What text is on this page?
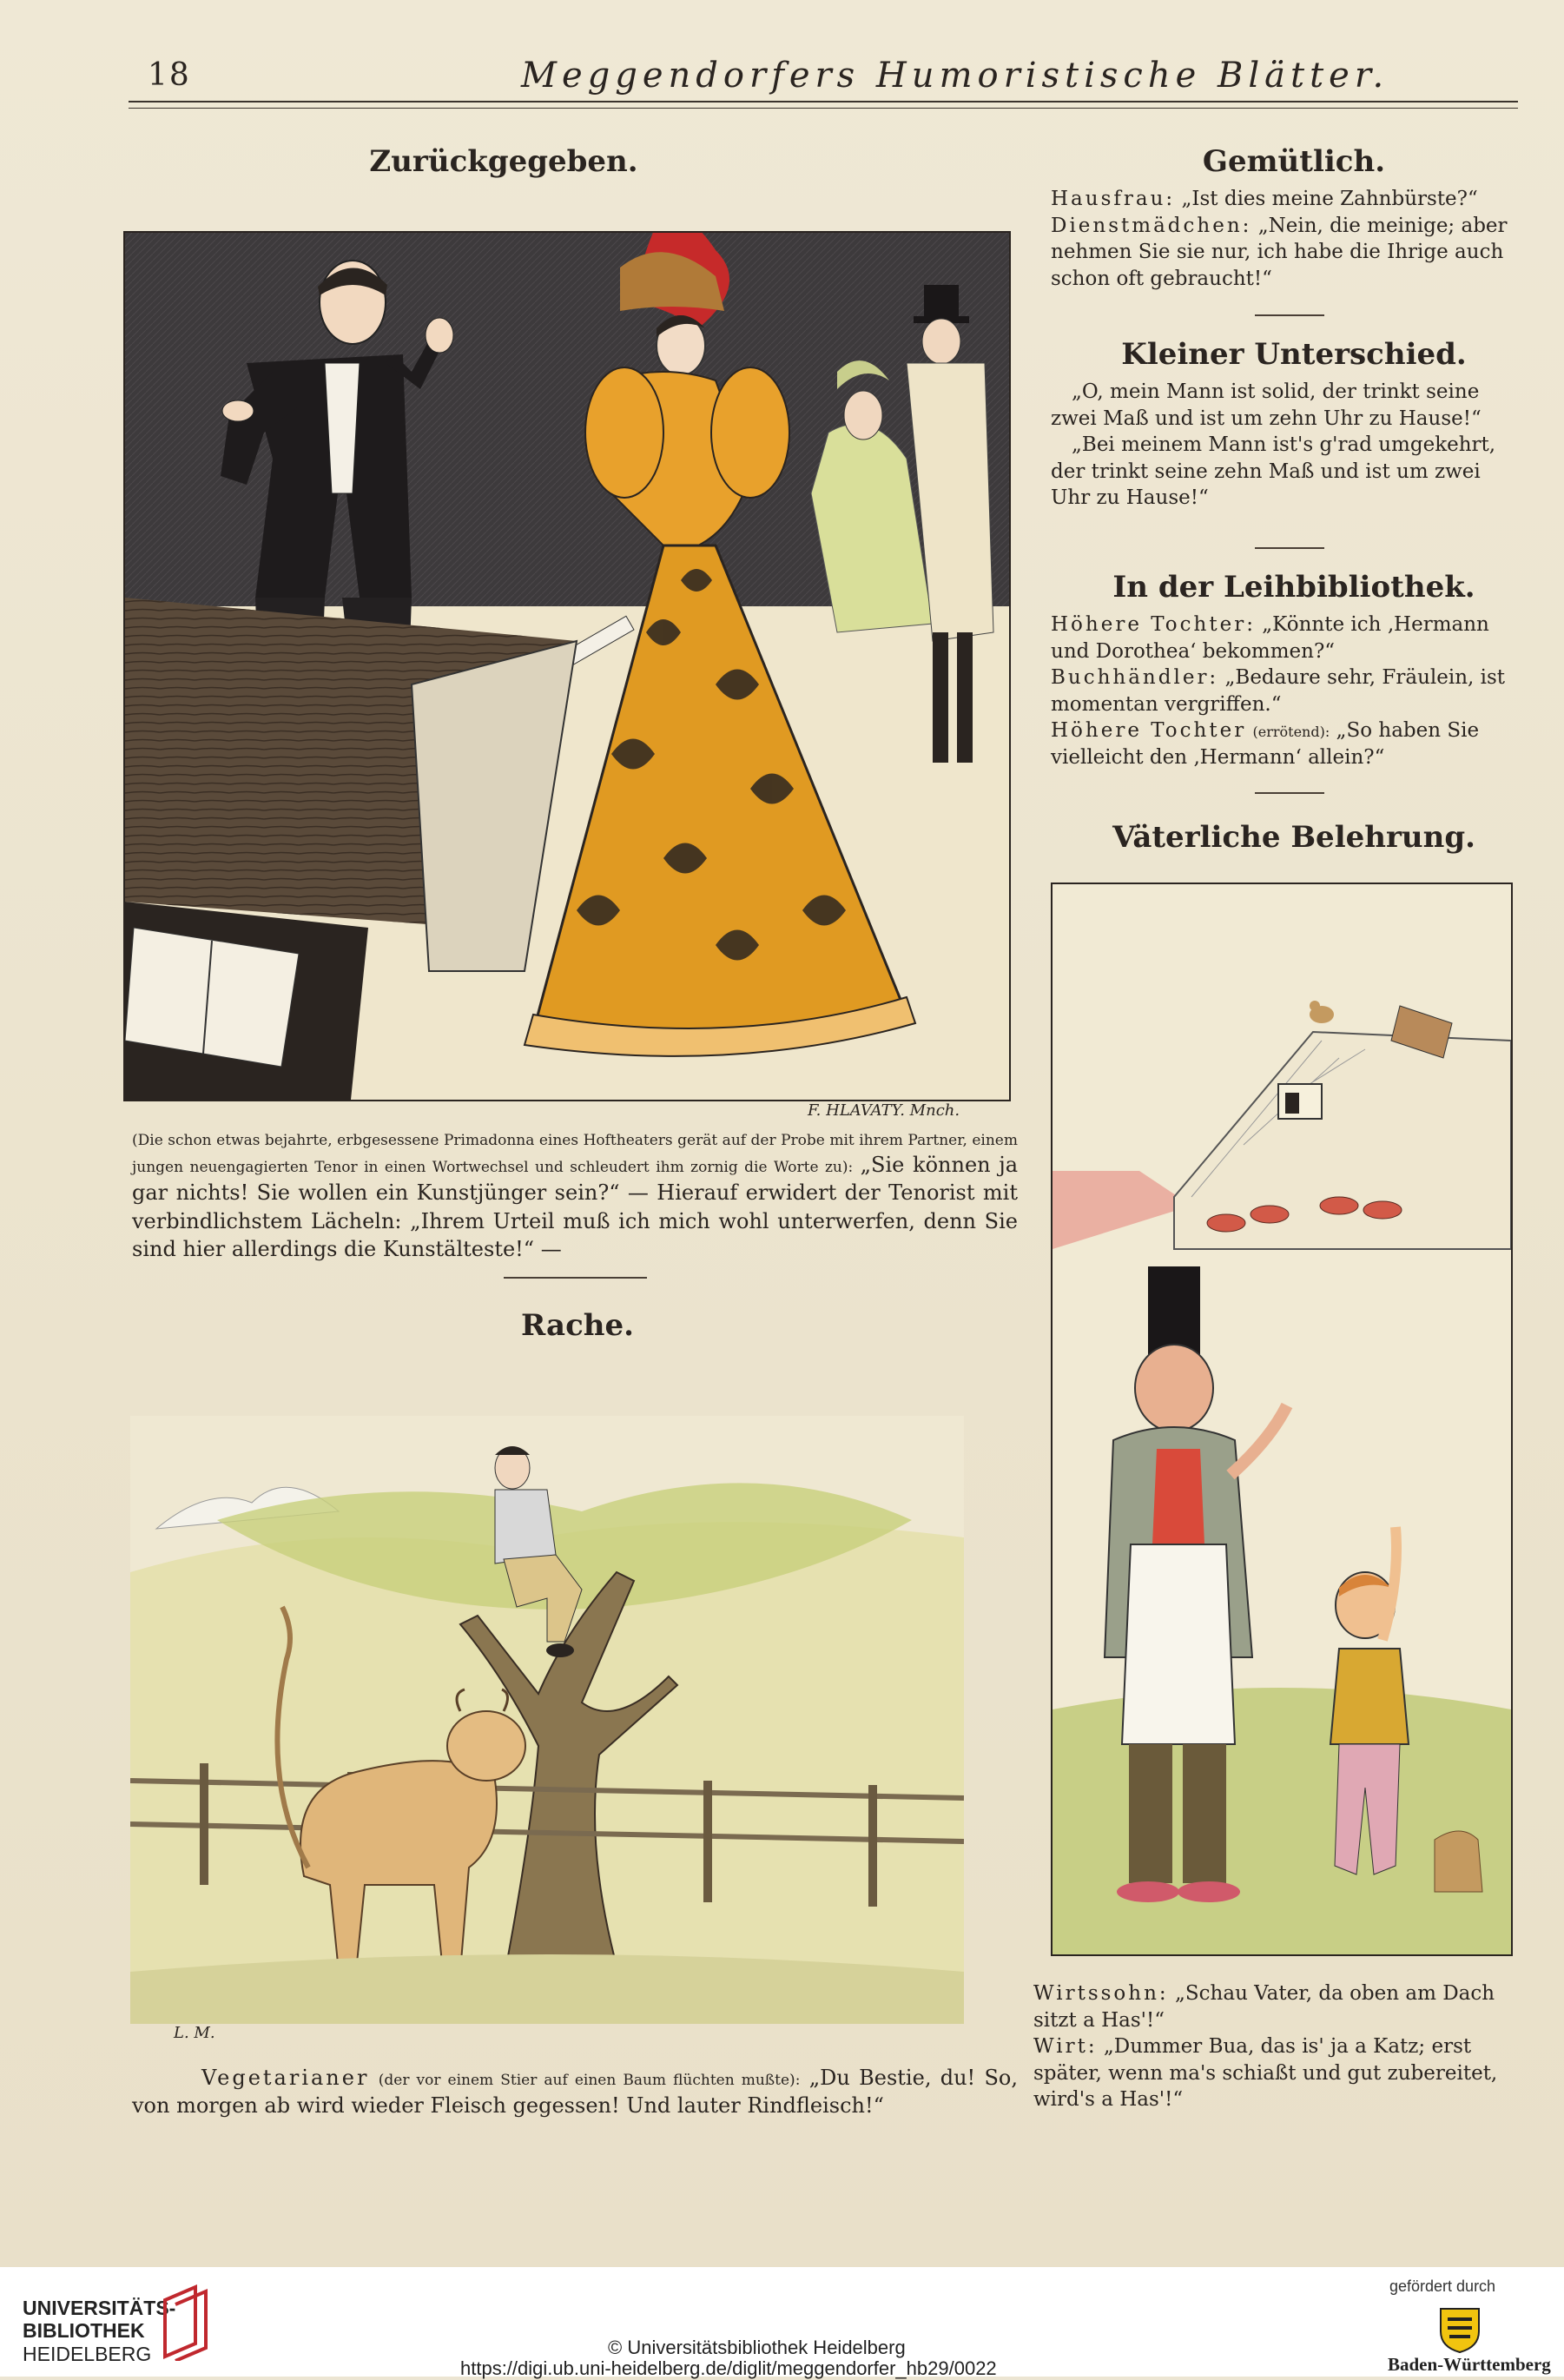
18	Meggendorfers Humoristische Blätter.
Zurückgegeben.
F. HLAVATY. Mnch.
(Die schon etwas bejahrte, erbgesessene Primadonna eines Hoftheaters gerät auf der Probe mit ihrem Partner, einem jungen neuengagierten Tenor in einen Wortwechsel und schleudert ihm zornig die Worte zu): „Sie können ja gar nichts! Sie wollen ein Kunstjünger sein?“ — Hierauf erwidert der Tenorist mit verbindlichstem Lächeln: „Ihrem Urteil muß ich mich wohl unterwerfen, denn Sie sind hier allerdings die Kunstälteste!“ —
Rache.
L. M.
Vegetarianer (der vor einem Stier auf einen Baum flüchten mußte): „Du Bestie, du! So, von morgen ab wird wieder Fleisch gegessen! Und lauter Rindfleisch!“
Gemütlich.

Hausfrau: „Ist dies meine Zahnbürste?“

Dienstmädchen: „Nein, die meinige; aber nehmen Sie sie nur, ich habe die Ihrige auch schon oft gebraucht!“

Kleiner Unterschied.

„O, mein Mann ist solid, der trinkt seine zwei Maß und ist um zehn Uhr zu Hause!“

„Bei meinem Mann ist's g'rad umgekehrt, der trinkt seine zehn Maß und ist um zwei Uhr zu Hause!“

In der Leihbibliothek.

Höhere Tochter: „Könnte ich ‚Hermann und Dorothea‘ bekommen?“

Buchhändler: „Bedaure sehr, Fräulein, ist momentan vergriffen.“

Höhere Tochter (errötend): „So haben Sie vielleicht den ‚Hermann‘ allein?“

Väterliche Belehrung.

Wirtssohn: „Schau Vater, da oben am Dach sitzt a Has'!“

Wirt: „Dummer Bua, das is' ja a Katz; erst später, wenn ma's schiaßt und gut zubereitet, wird's a Has'!“

UNIVERSITÄTS-
BIBLIOTHEK
HEIDELBERG	© Universitätsbibliothek Heidelberg
https://digi.ub.uni-heidelberg.de/diglit/meggendorfer_hb29/0022
gefördert durch
Baden-Württemberg
